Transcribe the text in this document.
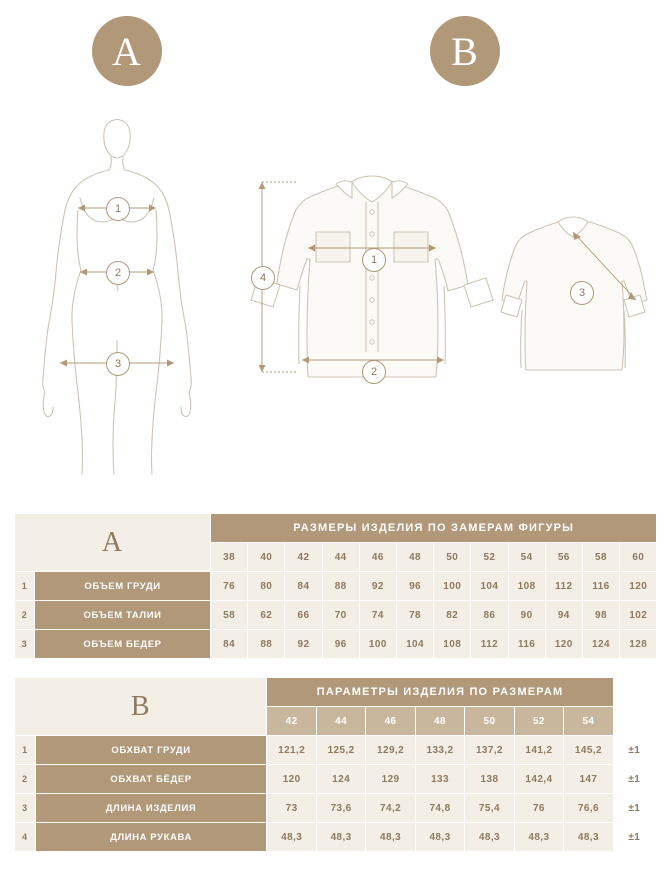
A	B
1
2
3
1
2
3
4
A		РАЗМЕРЫ ИЗДЕЛИЯ ПО ЗАМЕРАМ ФИГУРЫ											
		38	40	42	44	46	48	50	52	54	56	58	60
1	ОБЪЕМ ГРУДИ	76	80	84	88	92	96	100	104	108	112	116	120
2	ОБЪЕМ ТАЛИИ	58	62	66	70	74	78	82	86	90	94	98	102
3	ОБЪЕМ БЕДЕР	84	88	92	96	100	104	108	112	116	120	124	128
B		ПАРАМЕТРЫ ИЗДЕЛИЯ ПО РАЗМЕРАМ							
		42	44	46	48	50	52	54	
1	ОБХВАТ ГРУДИ	121,2	125,2	129,2	133,2	137,2	141,2	145,2	±1
2	ОБХВАТ БЁДЕР	120	124	129	133	138	142,4	147	±1
3	ДЛИНА ИЗДЕЛИЯ	73	73,6	74,2	74,8	75,4	76	76,6	±1
4	ДЛИНА РУКАВА	48,3	48,3	48,3	48,3	48,3	48,3	48,3	±1
